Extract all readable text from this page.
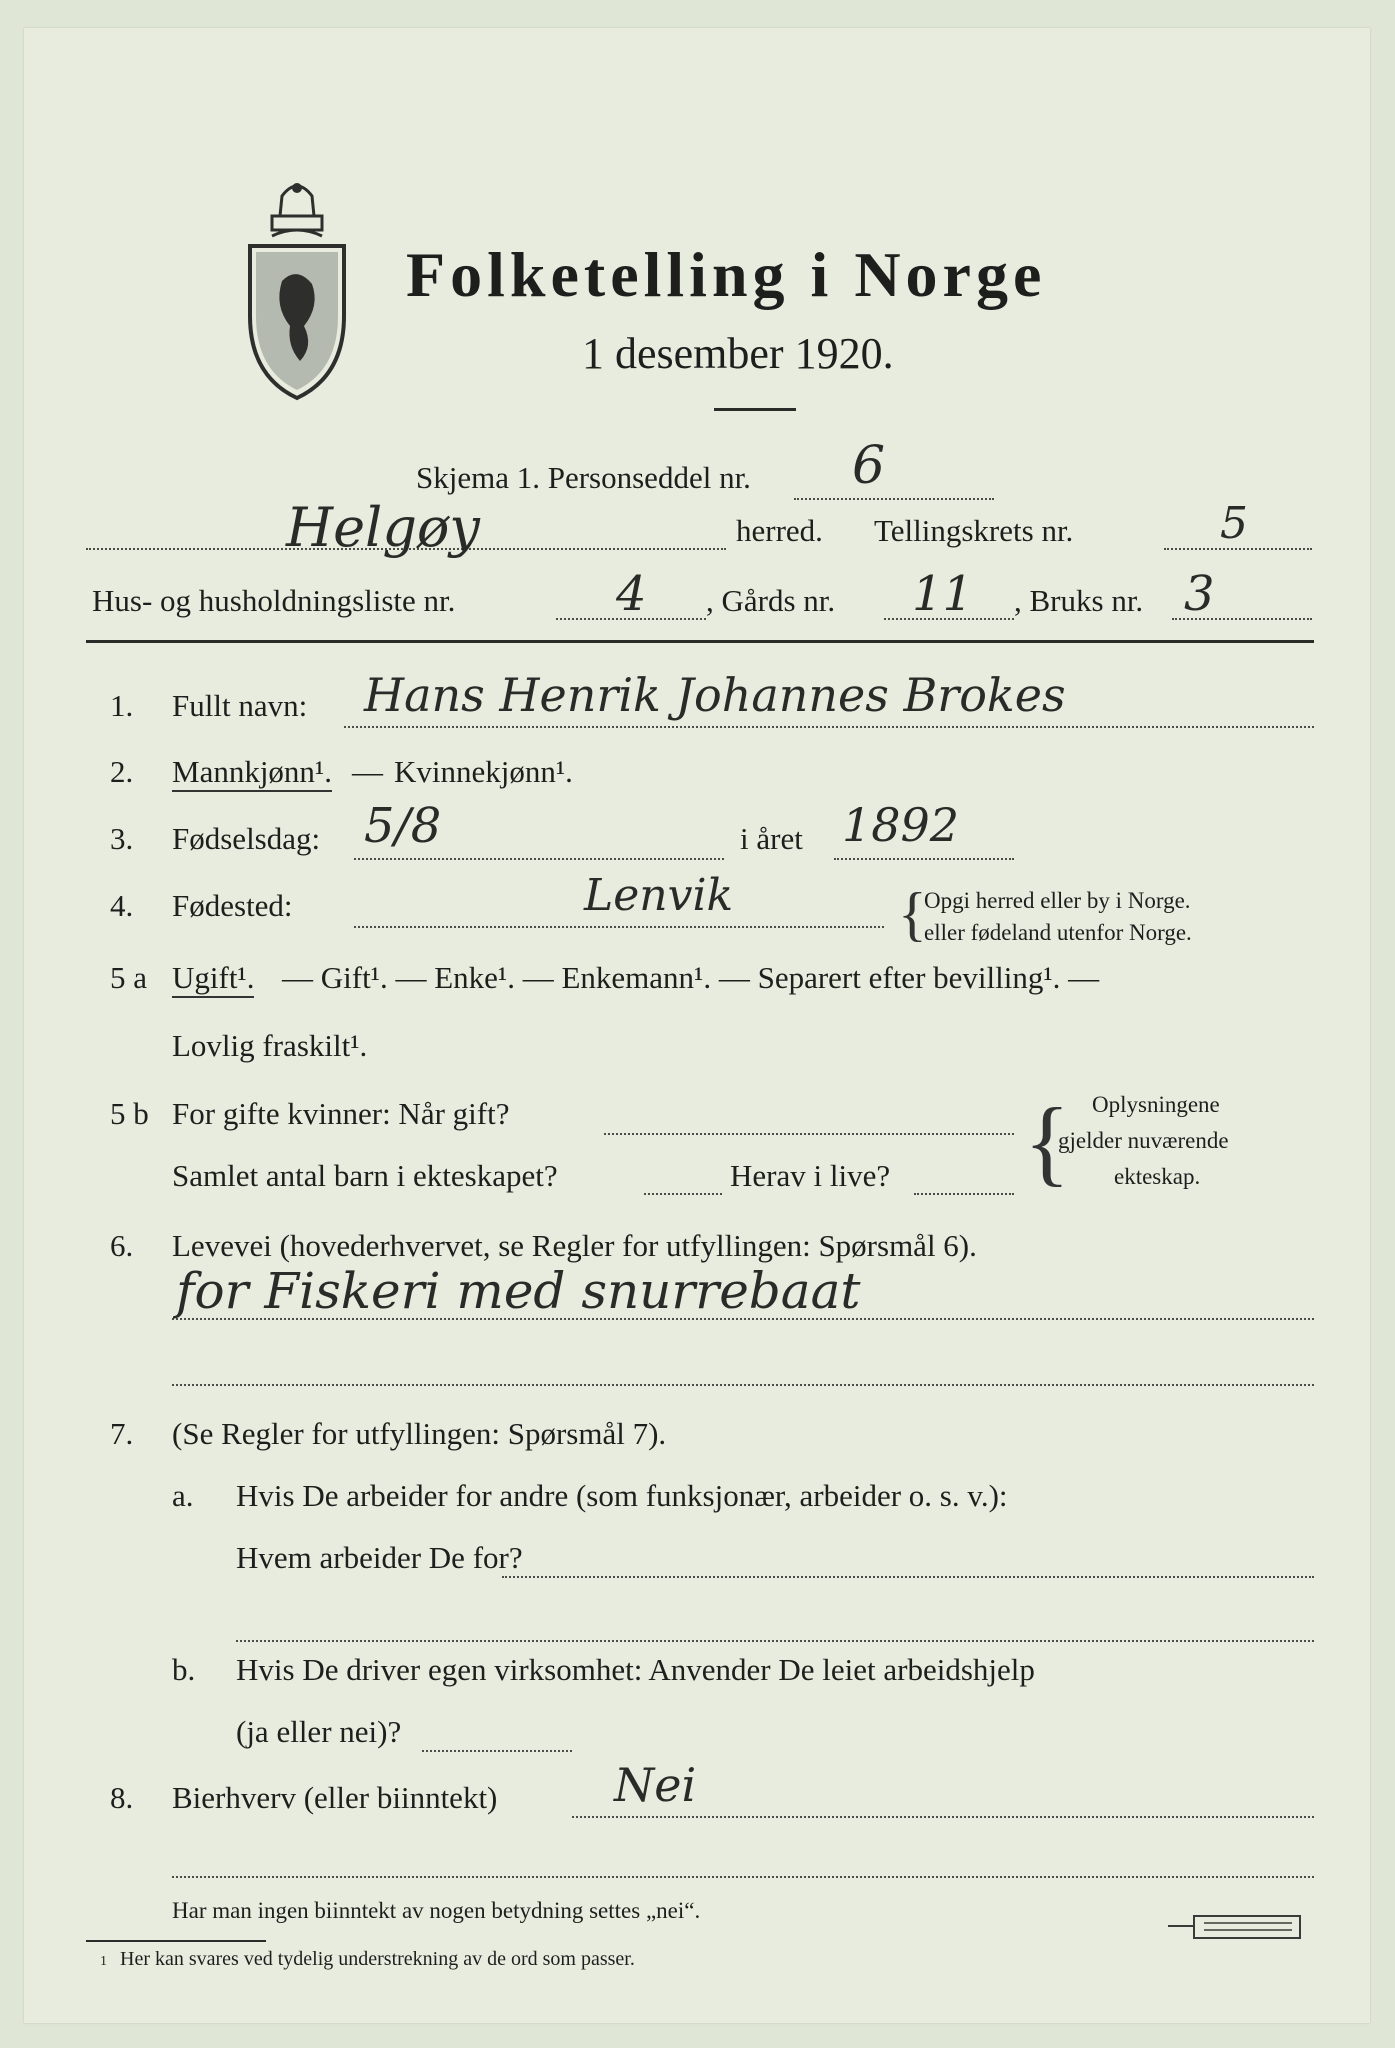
Folketelling i Norge
1 desember 1920.
Skjema 1. Personseddel nr. 6
Helgøy	herred. Tellingskrets nr.	5
Hus- og husholdningsliste nr.	4 , Gårds nr. 11 , Bruks nr. 3
1. Fullt navn: Hans Henrik Johannes Brokes
2. Mannkjønn¹. — Kvinnekjønn¹.
3. Fødselsdag: 5/8	i året 1892
4. Fødested:	Lenvik	{
Opgi herred eller by i Norge.
eller fødeland utenfor Norge.
5 a Ugift¹. — Gift¹. — Enke¹. — Enkemann¹. — Separert efter bevilling¹. —
Lovlig fraskilt¹.
5 b For gifte kvinner: Når gift?
Samlet antal barn i ekteskapet?	Herav i live? { Oplysningene
gjelder nuværende
ekteskap.
6. Levevei (hovederhvervet, se Regler for utfyllingen: Spørsmål 6).
for Fiskeri med snurrebaat
7. (Se Regler for utfyllingen: Spørsmål 7).
a. Hvis De arbeider for andre (som funksjonær, arbeider o. s. v.):
Hvem arbeider De for?
b. Hvis De driver egen virksomhet: Anvender De leiet arbeidshjelp
(ja eller nei)?
8. Bierhverv (eller biinntekt)	Nei
Har man ingen biinntekt av nogen betydning settes „nei“.
1 Her kan svares ved tydelig understrekning av de ord som passer.
